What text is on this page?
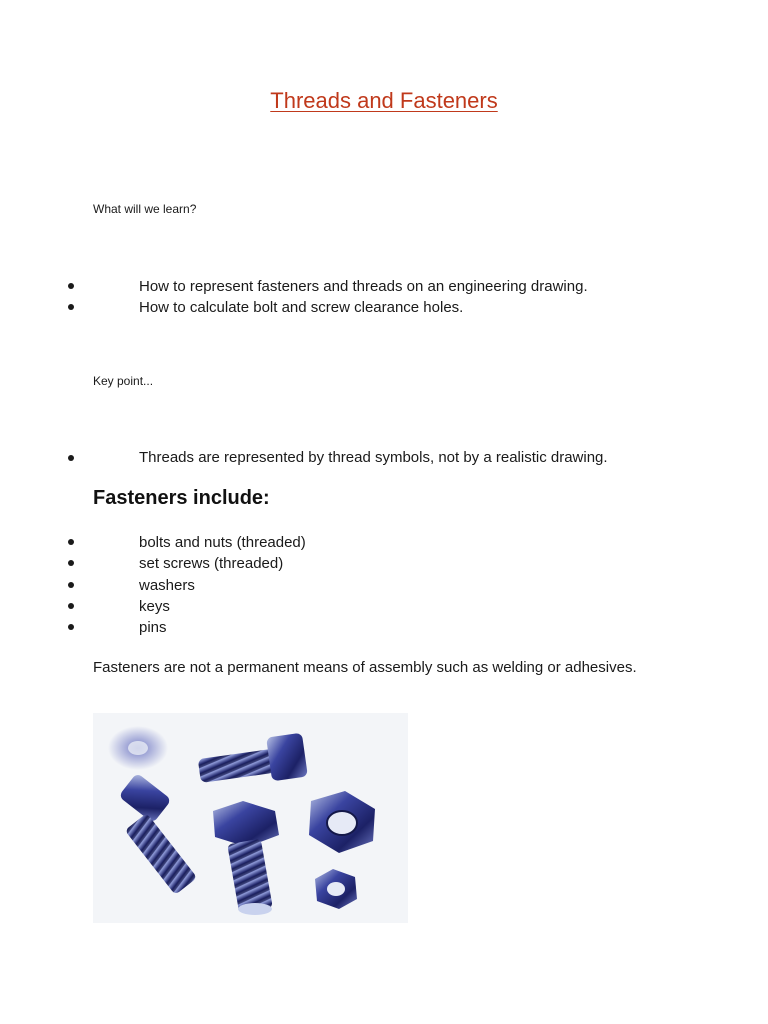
Threads and Fasteners
What will we learn?
How to represent fasteners and threads on an engineering drawing.
How to calculate bolt and screw clearance holes.
Key point...
Threads are represented by thread symbols, not by a realistic drawing.
Fasteners include:
bolts and nuts (threaded)
set screws (threaded)
washers
keys
pins
Fasteners are not a permanent means of assembly such as welding or adhesives.
